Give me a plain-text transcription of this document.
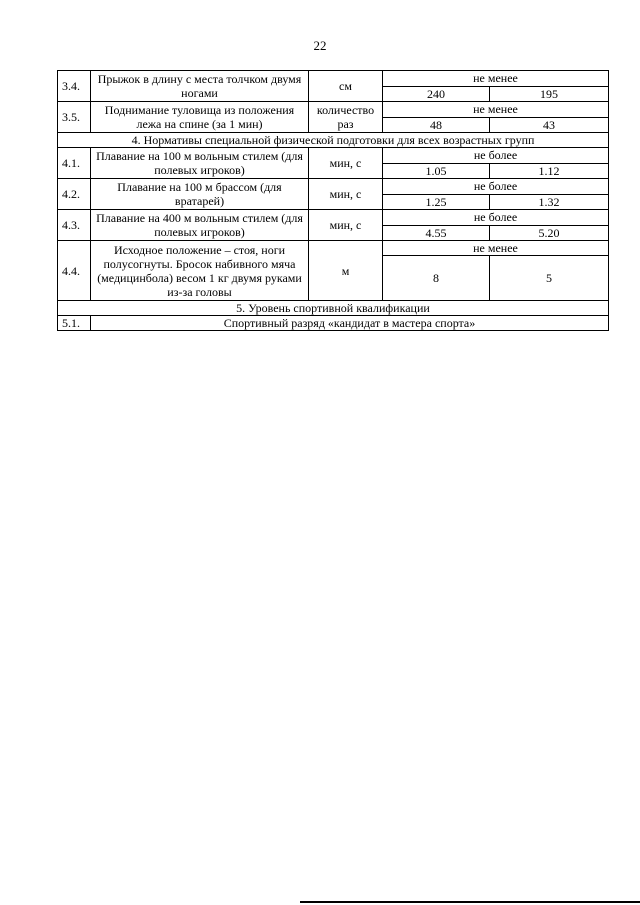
22
3.4.	Прыжок в длину с места толчком двумя ногами	см	не менее	
			240	195
3.5.	Поднимание туловища из положения лежа на спине (за 1 мин)	количество раз	не менее	
			48	43
4. Нормативы специальной физической подготовки для всех возрастных групп				
4.1.	Плавание на 100 м вольным стилем (для полевых игроков)	мин, с	не более	
			1.05	1.12
4.2.	Плавание на 100 м брассом (для вратарей)	мин, с	не более	
			1.25	1.32
4.3.	Плавание на 400 м вольным стилем (для полевых игроков)	мин, с	не более	
			4.55	5.20
4.4.	Исходное положение – стоя, ноги полусогнуты. Бросок набивного мяча (медицинбола) весом 1 кг двумя руками из-за головы	м	не менее	
			8	5
5. Уровень спортивной квалификации				
5.1.	Спортивный разряд «кандидат в мастера спорта»			
